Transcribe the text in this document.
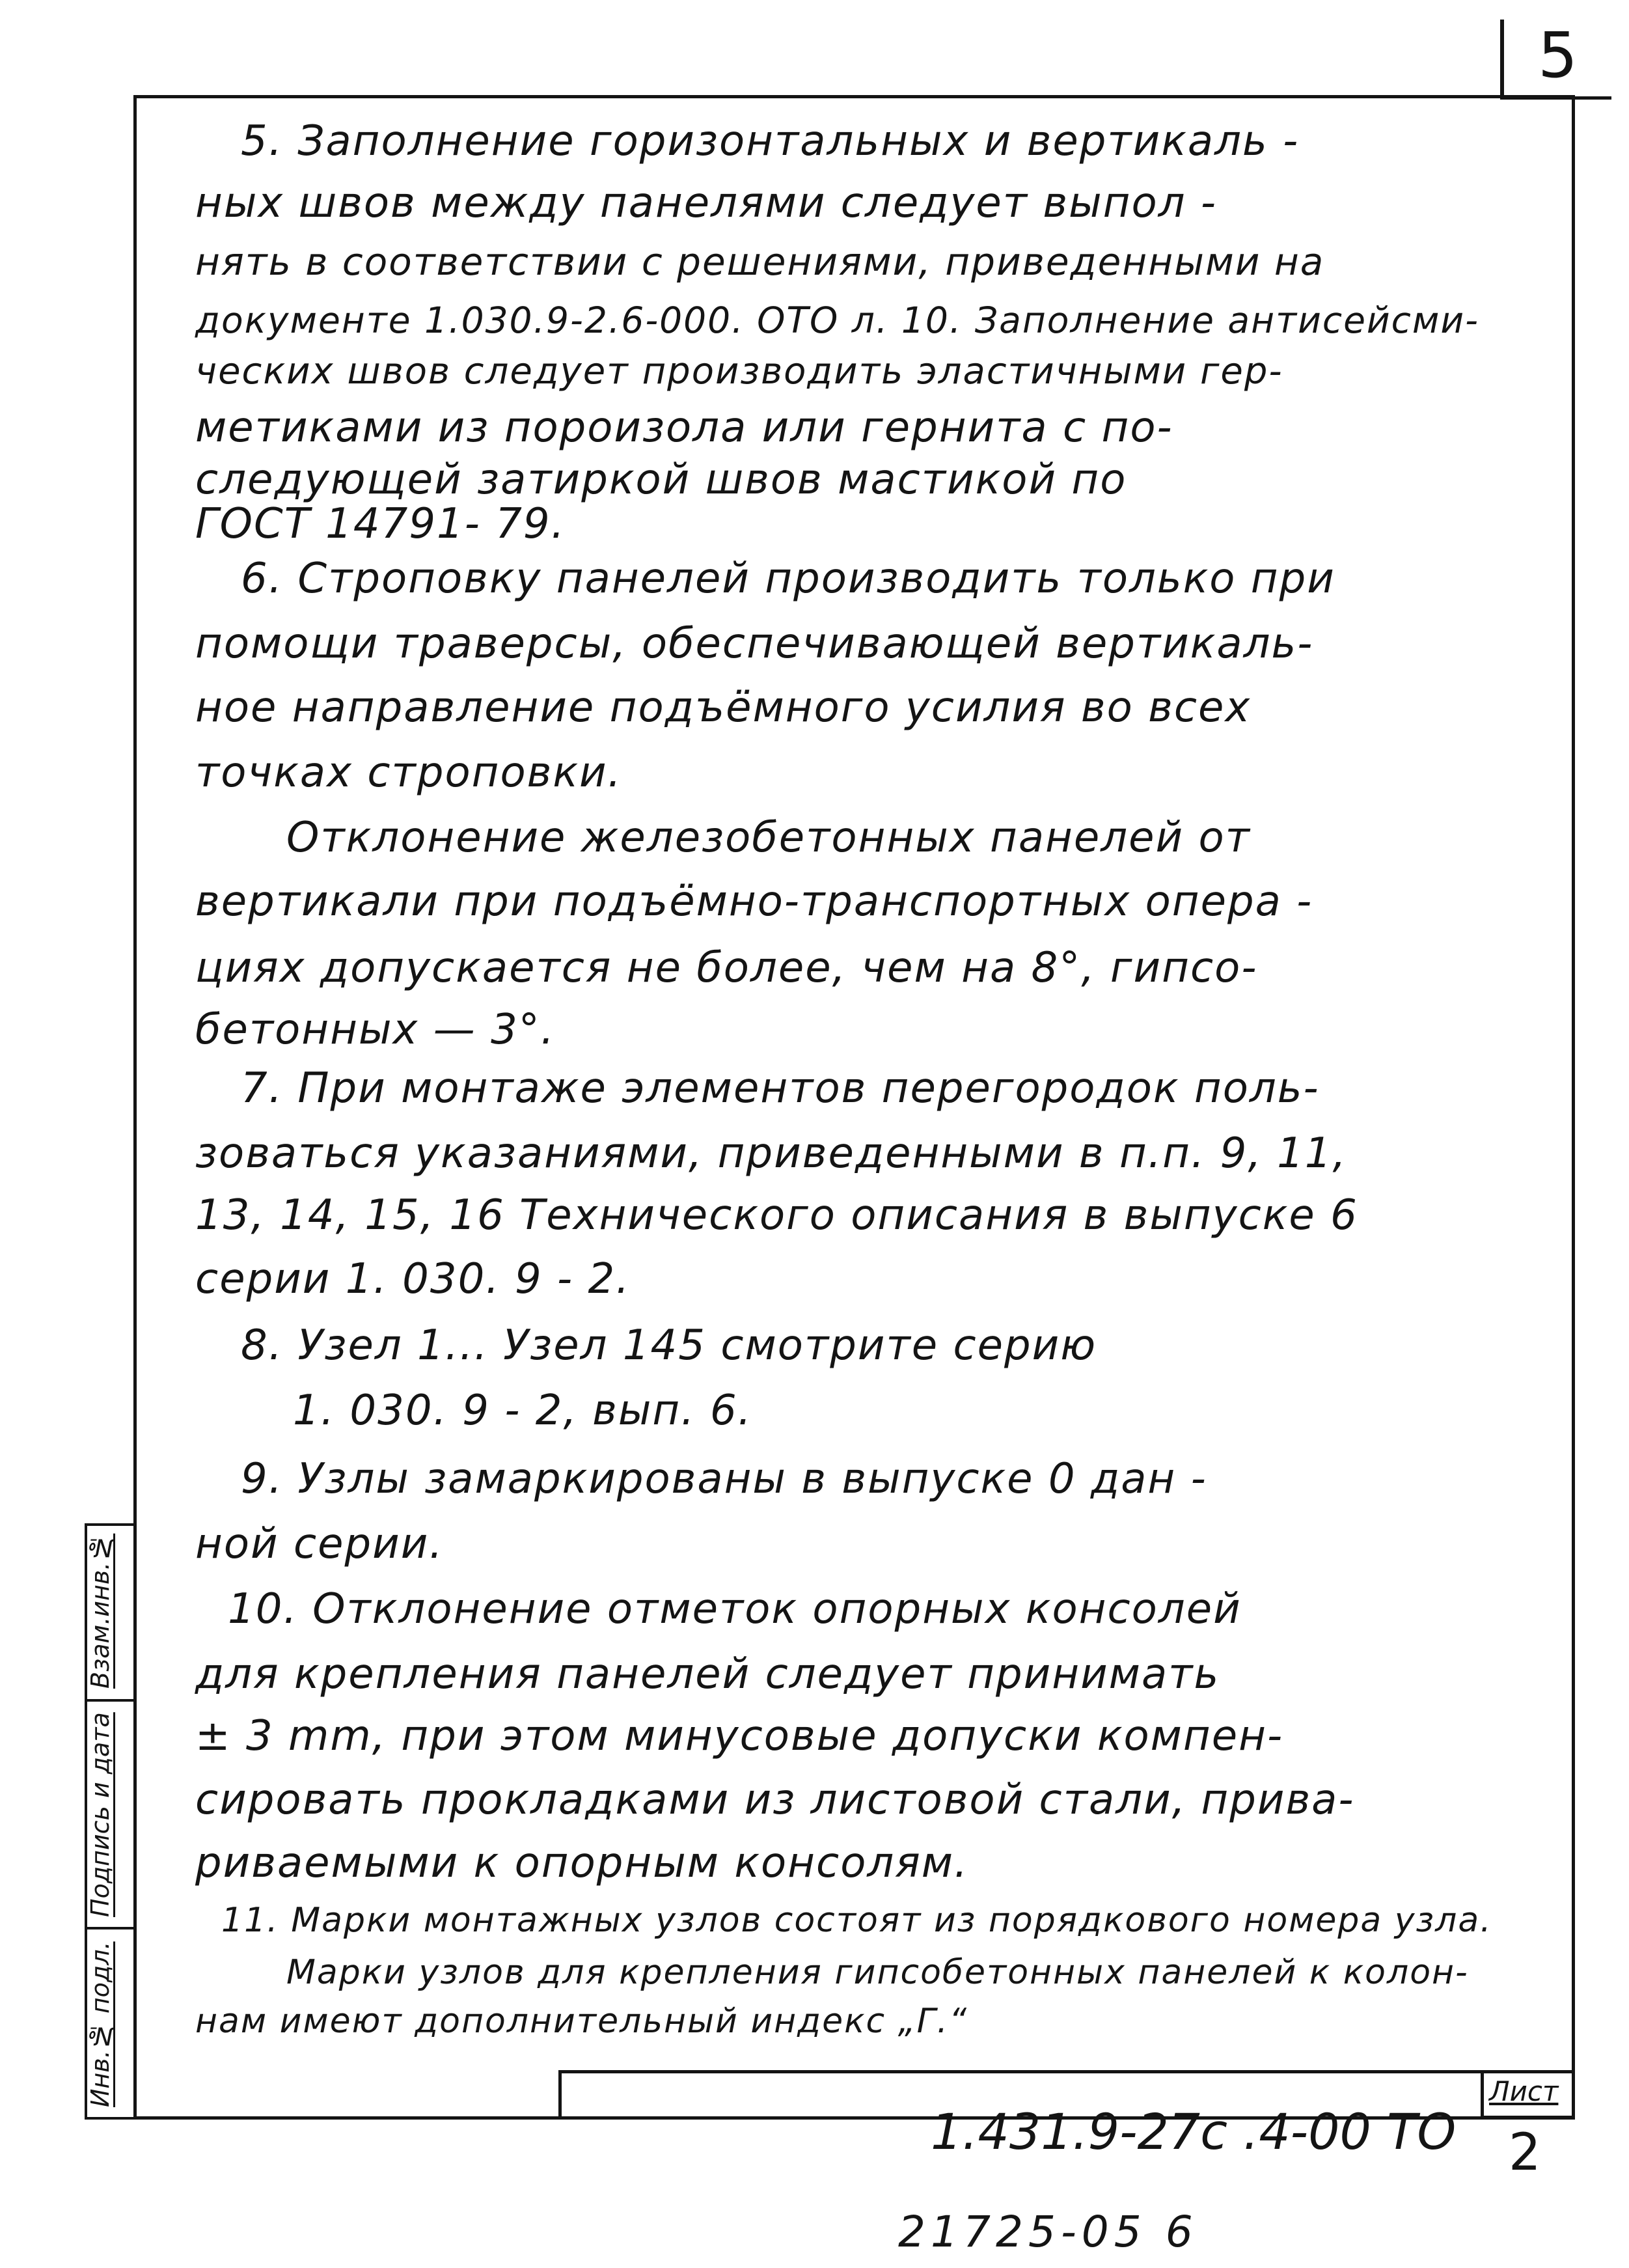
5
5. Заполнение горизонтальных и вертикаль -
ных швов между панелями следует выпол -
нять в соответствии с решениями, приведенными на
документе 1.030.9-2.6-000. ОТО л. 10. Заполнение антисейсми-
ческих швов следует производить эластичными гер-
метиками из пороизола или гернита с по-
следующей затиркой швов мастикой по
ГОСТ 14791- 79.
6. Строповку панелей производить только при
помощи траверсы, обеспечивающей вертикаль-
ное направление подъёмного усилия во всех
точках строповки.
Отклонение железобетонных панелей от
вертикали при подъёмно-транспортных опера -
циях допускается не более, чем на 8°, гипсо-
бетонных — 3°.
7. При монтаже элементов перегородок поль-
зоваться указаниями, приведенными в п.п. 9, 11,
13, 14, 15, 16 Технического описания в выпуске 6
серии 1. 030. 9 - 2.
8. Узел 1... Узел 145 смотрите серию
1. 030. 9 - 2, вып. 6.
9. Узлы замаркированы в выпуске 0 дан -
ной серии.
10. Отклонение отметок опорных консолей
для крепления панелей следует принимать
± 3 mm, при этом минусовые допуски компен-
сировать прокладками из листовой стали, прива-
риваемыми к опорным консолям.
11. Марки монтажных узлов состоят из порядкового номера узла.
Марки узлов для крепления гипсобетонных панелей к колон-
нам имеют дополнительный индекс „Г.“
Взам.инв.№
Подпись и дата
Инв.№ подл.
1.431.9-27с .4-00 ТО
Лист
2
21725-05 6
